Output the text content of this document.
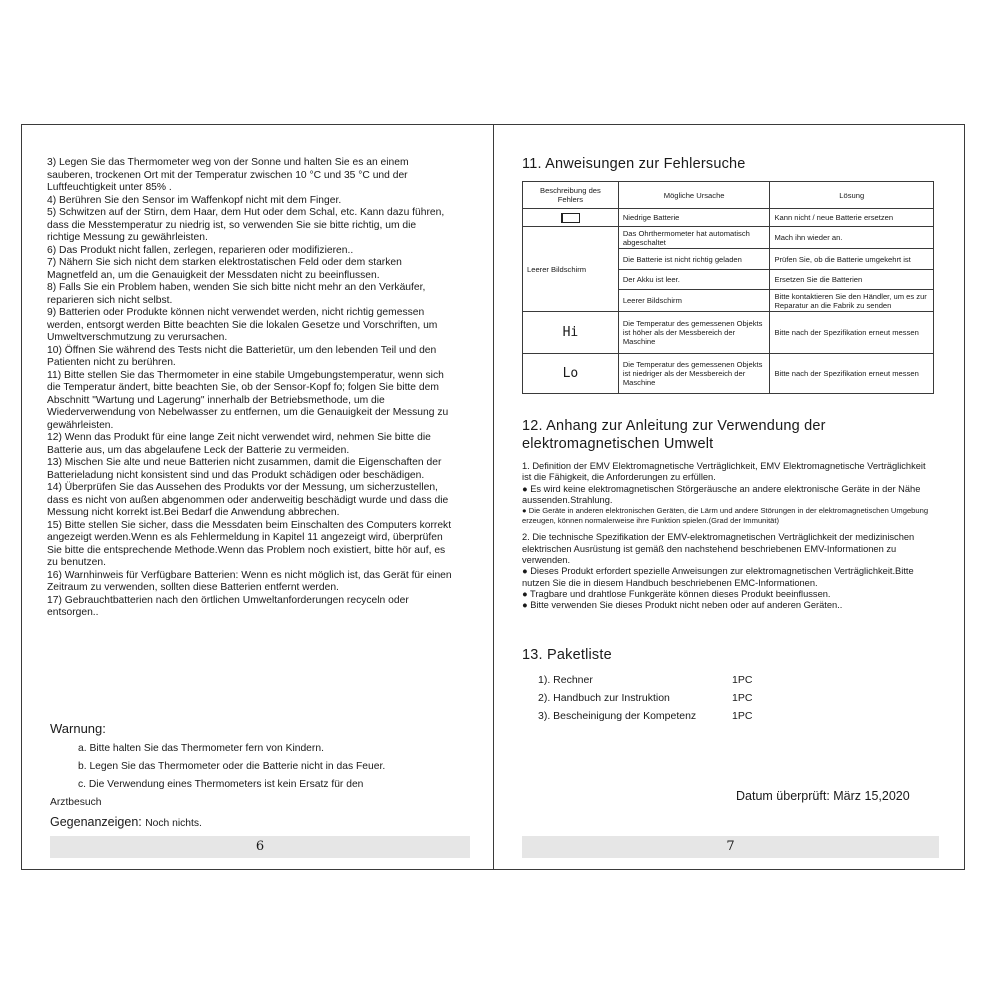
3) Legen Sie das Thermometer weg von der Sonne und halten Sie es an einem sauberen, trockenen Ort mit der Temperatur zwischen 10 °C und 35 °C und der Luftfeuchtigkeit unter 85% .

4) Berühren Sie den Sensor im Waffenkopf nicht mit dem Finger.

5) Schwitzen auf der Stirn, dem Haar, dem Hut oder dem Schal, etc. Kann dazu führen, dass die Messtemperatur zu niedrig ist, so verwenden Sie sie bitte richtig, um die richtige Messung zu gewährleisten.

6) Das Produkt nicht fallen, zerlegen, reparieren oder modifizieren..

7) Nähern Sie sich nicht dem starken elektrostatischen Feld oder dem starken Magnetfeld an, um die Genauigkeit der Messdaten nicht zu beeinflussen.

8) Falls Sie ein Problem haben, wenden Sie sich bitte nicht mehr an den Verkäufer, reparieren sich nicht selbst.

9) Batterien oder Produkte können nicht verwendet werden, nicht richtig gemessen werden, entsorgt werden Bitte beachten Sie die lokalen Gesetze und Vorschriften, um Umweltverschmutzung zu verursachen.

10) Öffnen Sie während des Tests nicht die Batterietür, um den lebenden Teil und den Patienten nicht zu berühren.

11) Bitte stellen Sie das Thermometer in eine stabile Umgebungstemperatur, wenn sich die Temperatur ändert, bitte beachten Sie, ob der Sensor-Kopf fo; folgen Sie bitte dem Abschnitt "Wartung und Lagerung" innerhalb der Betriebsmethode, um die Wiederverwendung von Nebelwasser zu entfernen, um die Genauigkeit der Messung zu gewährleisten.

12) Wenn das Produkt für eine lange Zeit nicht verwendet wird, nehmen Sie bitte die Batterie aus, um das abgelaufene Leck der Batterie zu vermeiden.

13) Mischen Sie alte und neue Batterien nicht zusammen, damit die Eigenschaften der Batterieladung nicht konsistent sind und das Produkt schädigen oder beschädigen.

14) Überprüfen Sie das Aussehen des Produkts vor der Messung, um sicherzustellen, dass es nicht von außen abgenommen oder anderweitig beschädigt wurde und dass die Messung nicht korrekt ist.Bei Bedarf die Anwendung abbrechen.

15) Bitte stellen Sie sicher, dass die Messdaten beim Einschalten des Computers korrekt angezeigt werden.Wenn es als Fehlermeldung in Kapitel 11 angezeigt wird, überprüfen Sie bitte die entsprechende Methode.Wenn das Problem noch existiert, bitte hör auf, es zu benutzen.

16) Warnhinweis für Verfügbare Batterien: Wenn es nicht möglich ist, das Gerät für einen Zeitraum zu verwenden, sollten diese Batterien entfernt werden.

17) Gebrauchtbatterien nach den örtlichen Umweltanforderungen recyceln oder entsorgen..

Warnung:
a. Bitte halten Sie das Thermometer fern von Kindern.
b. Legen Sie das Thermometer oder die Batterie nicht in das Feuer.
c. Die Verwendung eines Thermometers ist kein Ersatz für den
Arztbesuch
Gegenanzeigen: Noch nichts.
6
11. Anweisungen zur Fehlersuche
Beschreibung des Fehlers	Mögliche Ursache	Lösung
	Niedrige Batterie	Kann nicht / neue Batterie ersetzen
Leerer Bildschirm	Das Ohrthermometer hat automatisch abgeschaltet	Mach ihn wieder an.
	Die Batterie ist nicht richtig geladen	Prüfen Sie, ob die Batterie umgekehrt ist
	Der Akku ist leer.	Ersetzen Sie die Batterien
	Leerer Bildschirm	Bitte kontaktieren Sie den Händler, um es zur Reparatur an die Fabrik zu senden
Hi	Die Temperatur des gemessenen Objekts ist höher als der Messbereich der Maschine	Bitte nach der Spezifikation erneut messen
Lo	Die Temperatur des gemessenen Objekts ist niedriger als der Messbereich der Maschine	Bitte nach der Spezifikation erneut messen
12. Anhang zur Anleitung zur Verwendung der elektromagnetischen Umwelt

1. Definition der EMV Elektromagnetische Verträglichkeit, EMV Elektromagnetische Verträglichkeit ist die Fähigkeit, die Anforderungen zu erfüllen.

● Es wird keine elektromagnetischen Störgeräusche an andere elektronische Geräte in der Nähe aussenden.Strahlung.

● Die Geräte in anderen elektronischen Geräten, die Lärm und andere Störungen in der elektromagnetischen Umgebung erzeugen, können normalerweise ihre Funktion spielen.(Grad der Immunität)

2. Die technische Spezifikation der EMV-elektromagnetischen Verträglichkeit der medizinischen elektrischen Ausrüstung ist gemäß den nachstehend beschriebenen EMV-Informationen zu verwenden.

● Dieses Produkt erfordert spezielle Anweisungen zur elektromagnetischen Verträglichkeit.Bitte nutzen Sie die in diesem Handbuch beschriebenen EMC-Informationen.

● Tragbare und drahtlose Funkgeräte können dieses Produkt beeinflussen.

● Bitte verwenden Sie dieses Produkt nicht neben oder auf anderen Geräten..

13. Paketliste
1). Rechner	1PC
2). Handbuch zur Instruktion	1PC
3). Bescheinigung der Kompetenz	1PC
Datum überprüft: März 15,2020
7
